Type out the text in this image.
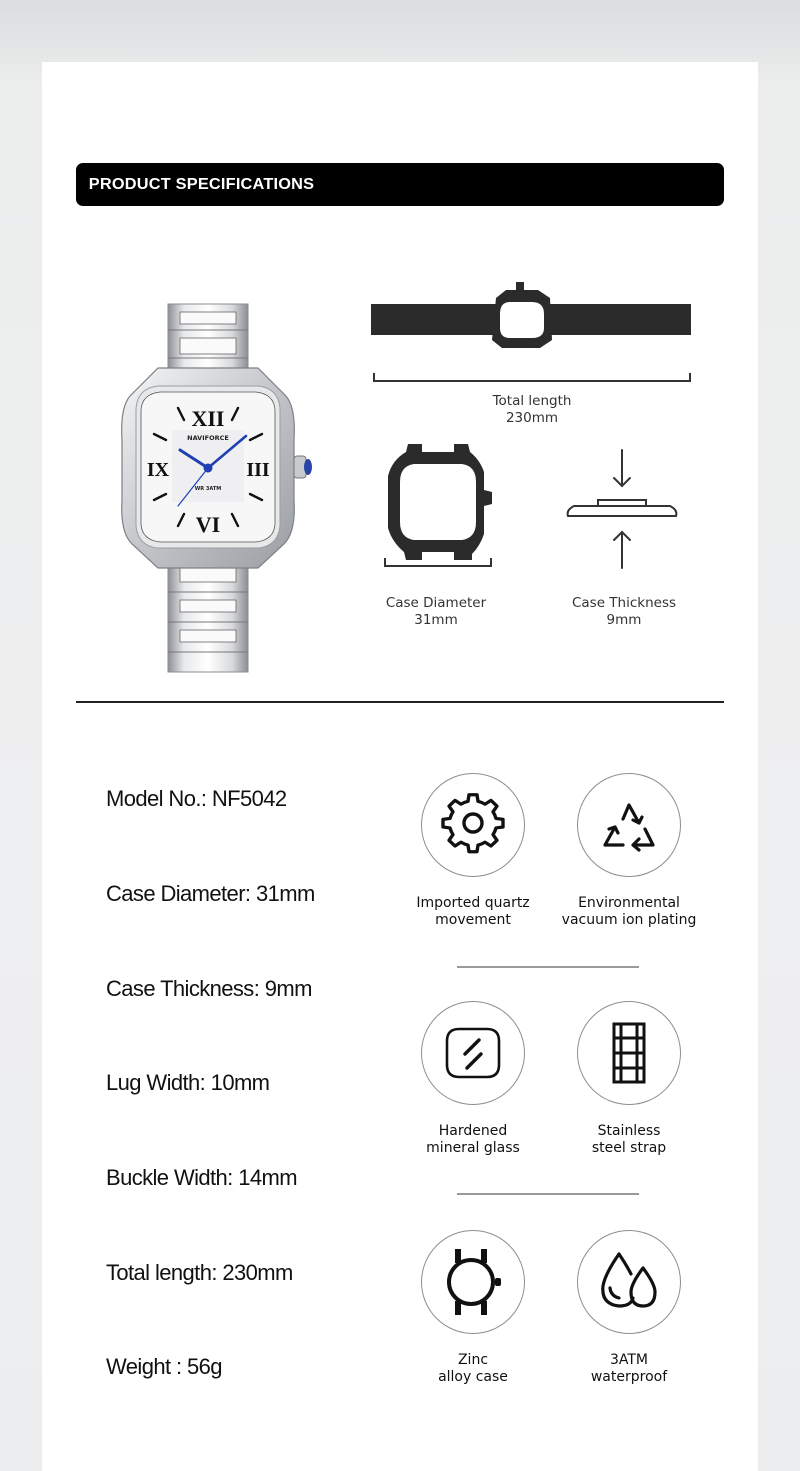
PRODUCT SPECIFICATIONS
XII
VI
IX	III
NAVIFORCE
WR 3ATM
Total length
230mm
Case Diameter
31mm
Case Thickness
9mm
Model No.: NF5042
Case Diameter: 31mm
Case Thickness: 9mm
Lug Width: 10mm
Buckle Width: 14mm
Total length: 230mm
Weight : 56g
Imported quartz
movement
Environmental
vacuum ion plating
Hardened
mineral glass
Stainless
steel strap
Zinc
alloy case
3ATM
waterproof
